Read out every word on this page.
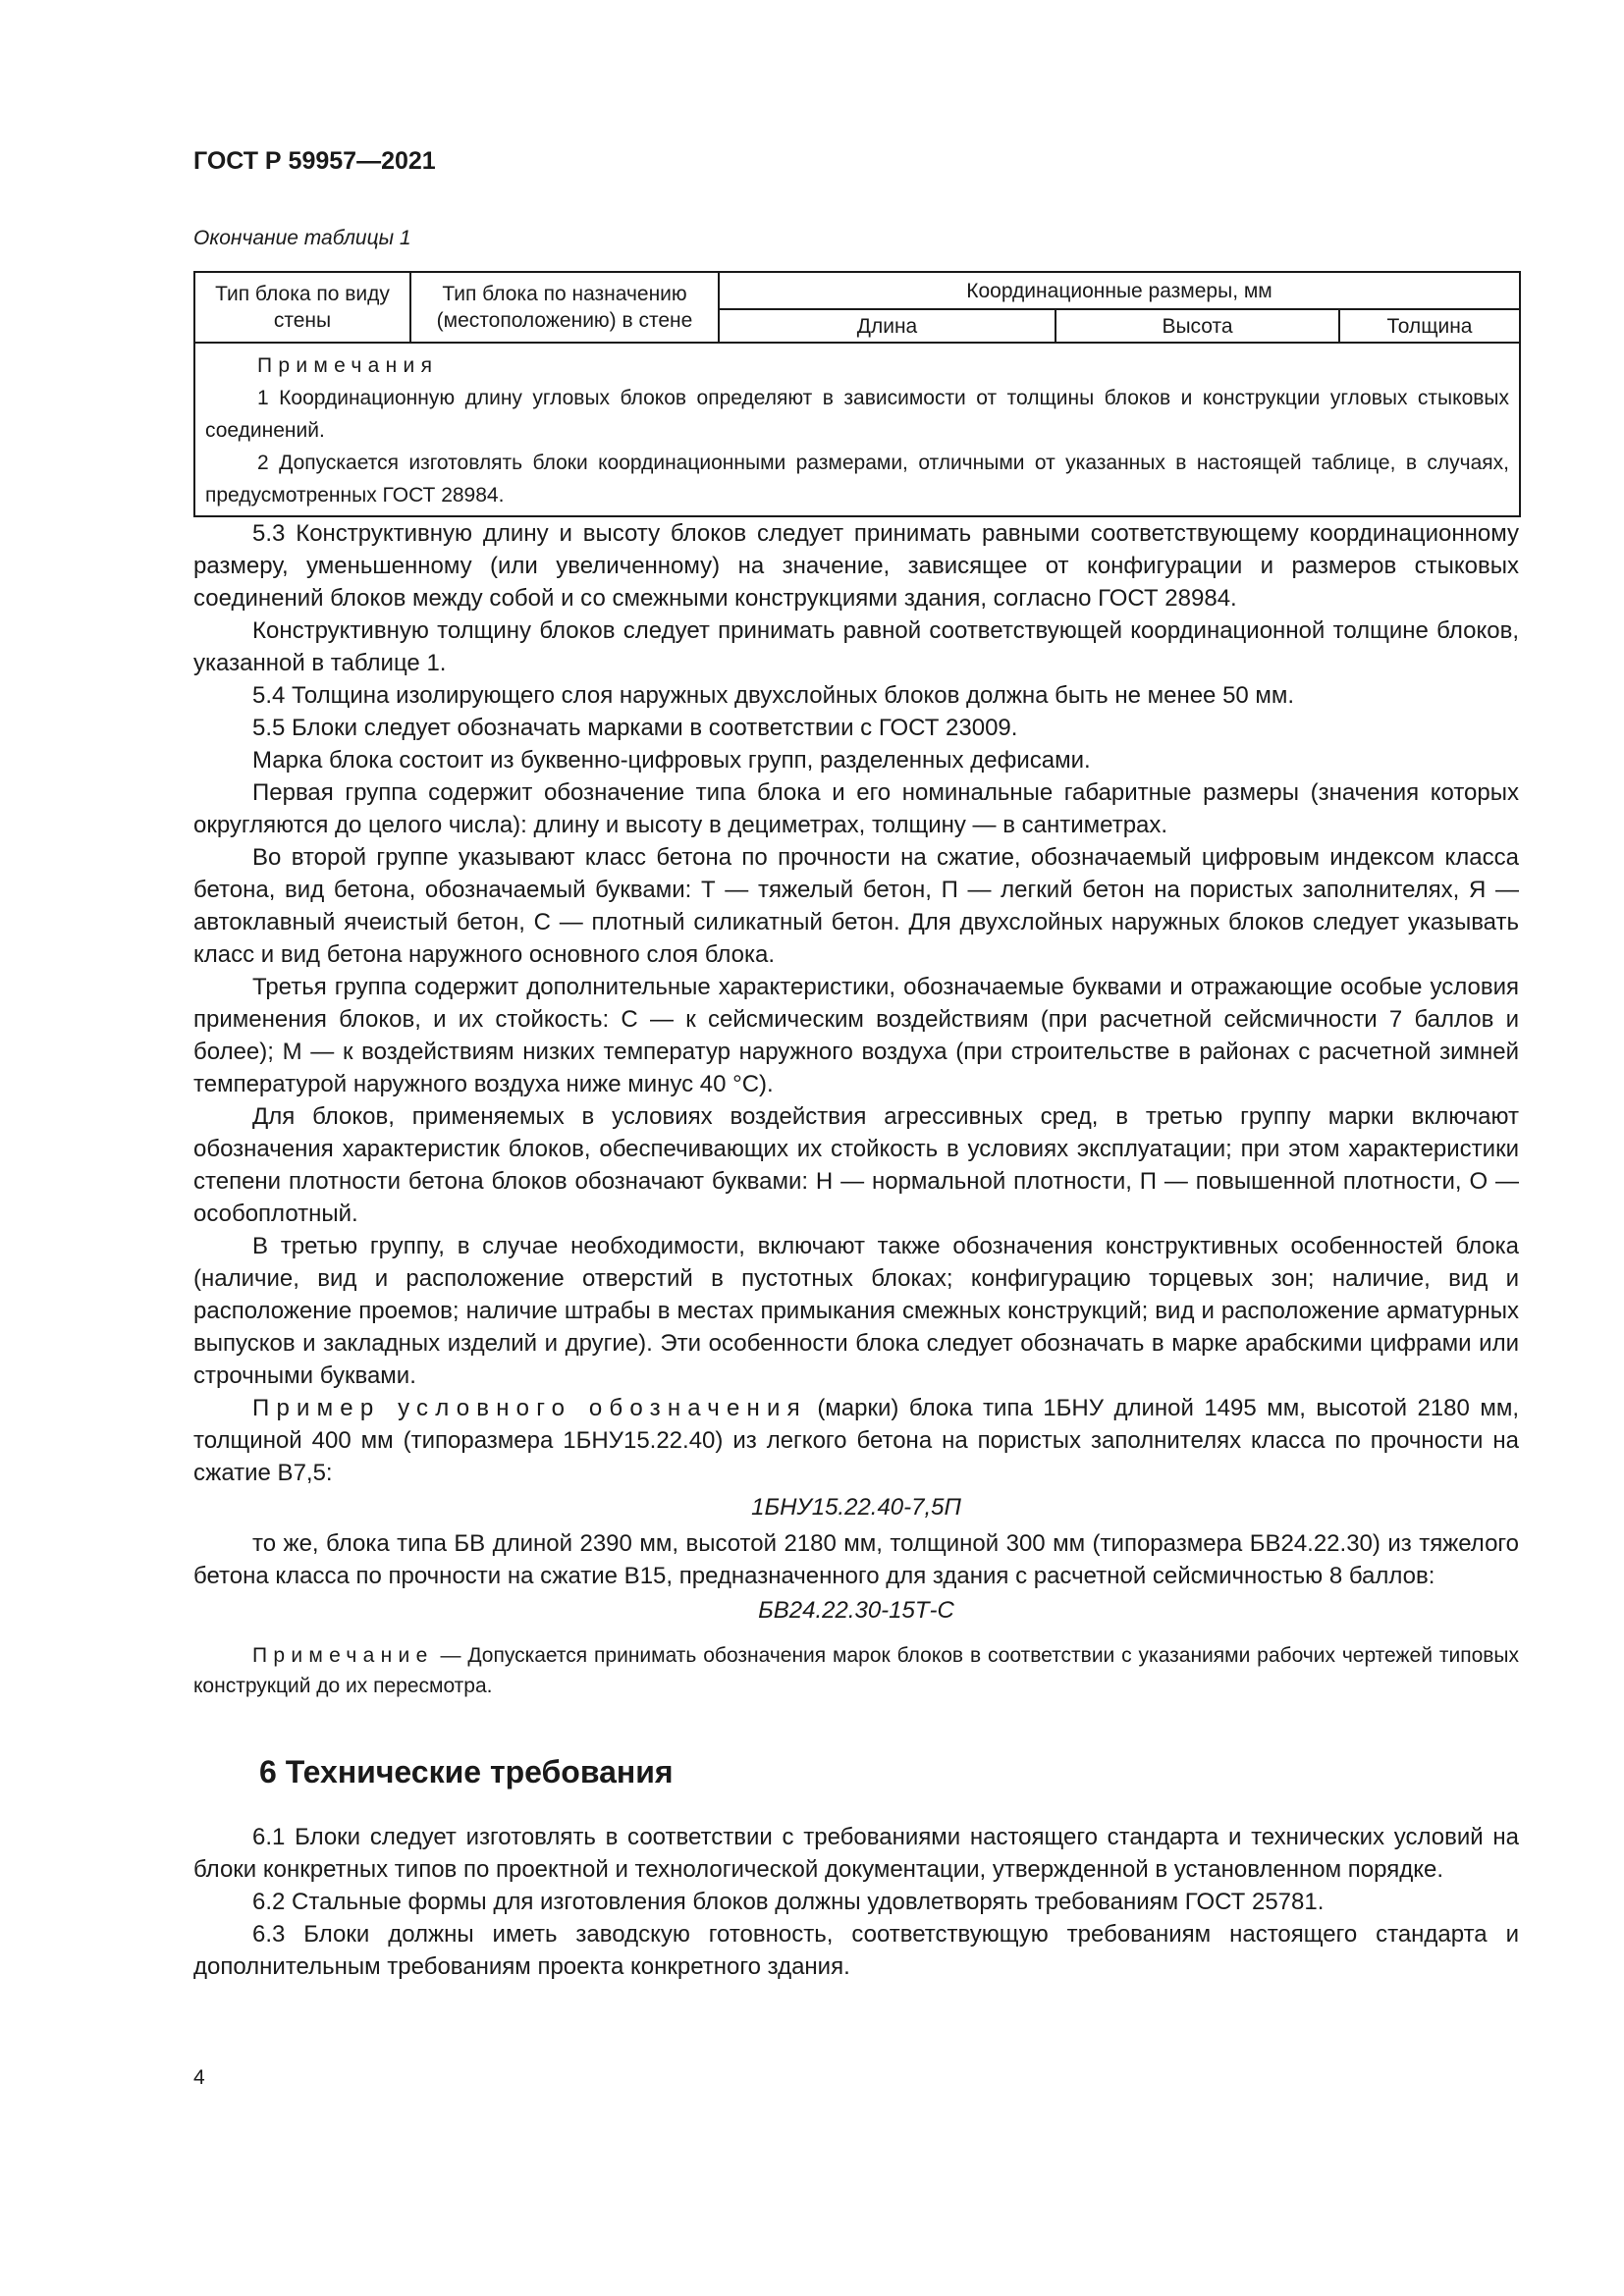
ГОСТ Р 59957—2021

Окончание таблицы 1

Тип блока по виду стены	Тип блока по назначению (местоположению) в стене	Координационные размеры, мм		
		Длина	Высота	Толщина

Примечания
1 Координационную длину угловых блоков определяют в зависимости от толщины блоков и конструкции угловых стыковых соединений.
2 Допускается изготовлять блоки координационными размерами, отличными от указанных в настоящей таблице, в случаях, предусмотренных ГОСТ 28984.				

5.3 Конструктивную длину и высоту блоков следует принимать равными соответствующему координационному размеру, уменьшенному (или увеличенному) на значение, зависящее от конфигурации и размеров стыковых соединений блоков между собой и со смежными конструкциями здания, согласно ГОСТ 28984.

Конструктивную толщину блоков следует принимать равной соответствующей координационной толщине блоков, указанной в таблице 1.

5.4 Толщина изолирующего слоя наружных двухслойных блоков должна быть не менее 50 мм.

5.5 Блоки следует обозначать марками в соответствии с ГОСТ 23009.

Марка блока состоит из буквенно-цифровых групп, разделенных дефисами.

Первая группа содержит обозначение типа блока и его номинальные габаритные размеры (значения которых округляются до целого числа): длину и высоту в дециметрах, толщину — в сантиметрах.

Во второй группе указывают класс бетона по прочности на сжатие, обозначаемый цифровым индексом класса бетона, вид бетона, обозначаемый буквами: Т — тяжелый бетон, П — легкий бетон на пористых заполнителях, Я — автоклавный ячеистый бетон, С — плотный силикатный бетон. Для двухслойных наружных блоков следует указывать класс и вид бетона наружного основного слоя блока.

Третья группа содержит дополнительные характеристики, обозначаемые буквами и отражающие особые условия применения блоков, и их стойкость: С — к сейсмическим воздействиям (при расчетной сейсмичности 7 баллов и более); М — к воздействиям низких температур наружного воздуха (при строительстве в районах с расчетной зимней температурой наружного воздуха ниже минус 40 °С).

Для блоков, применяемых в условиях воздействия агрессивных сред, в третью группу марки включают обозначения характеристик блоков, обеспечивающих их стойкость в условиях эксплуатации; при этом характеристики степени плотности бетона блоков обозначают буквами: Н — нормальной плотности, П — повышенной плотности, О — особоплотный.

В третью группу, в случае необходимости, включают также обозначения конструктивных особенностей блока (наличие, вид и расположение отверстий в пустотных блоках; конфигурацию торцевых зон; наличие, вид и расположение проемов; наличие штрабы в местах примыкания смежных конструкций; вид и расположение арматурных выпусков и закладных изделий и другие). Эти особенности блока следует обозначать в марке арабскими цифрами или строчными буквами.

Пример условного обозначения (марки) блока типа 1БНУ длиной 1495 мм, высотой 2180 мм, толщиной 400 мм (типоразмера 1БНУ15.22.40) из легкого бетона на пористых заполнителях класса по прочности на сжатие В7,5:

1БНУ15.22.40-7,5П

то же, блока типа БВ длиной 2390 мм, высотой 2180 мм, толщиной 300 мм (типоразмера БВ24.22.30) из тяжелого бетона класса по прочности на сжатие В15, предназначенного для здания с расчетной сейсмичностью 8 баллов:

БВ24.22.30-15Т-С

Примечание — Допускается принимать обозначения марок блоков в соответствии с указаниями рабочих чертежей типовых конструкций до их пересмотра.

6 Технические требования

6.1 Блоки следует изготовлять в соответствии с требованиями настоящего стандарта и технических условий на блоки конкретных типов по проектной и технологической документации, утвержденной в установленном порядке.

6.2 Стальные формы для изготовления блоков должны удовлетворять требованиям ГОСТ 25781.

6.3 Блоки должны иметь заводскую готовность, соответствующую требованиям настоящего стандарта и дополнительным требованиям проекта конкретного здания.

4
